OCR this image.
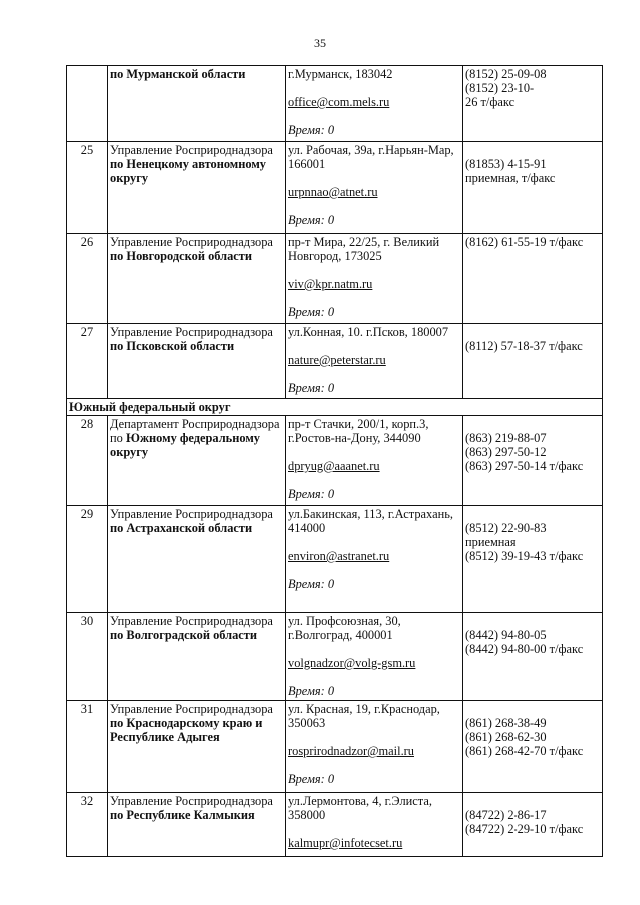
35
	по Мурманской области	г.Мурманск, 183042
office@com.mels.ru
Время: 0	(8152) 25-09-08
(8152) 23-10-
26 т/факс

25	Управление Росприроднадзора по Ненецкому автономному округу	ул. Рабочая, 39а, г.Нарьян-Мар, 166001
urpnnao@atnet.ru
Время: 0	(81853) 4-15-91
приемная, т/факс

26	Управление Росприроднадзора по Новгородской области	пр-т Мира, 22/25, г. Великий Новгород, 173025
viv@kpr.natm.ru
Время: 0	(8162) 61-55-19 т/факс

27	Управление Росприроднадзора по Псковской области	ул.Конная, 10. г.Псков, 180007
nature@peterstar.ru
Время: 0	(8112) 57-18-37 т/факс

Южный федеральный округ			
28	Департамент Росприроднадзора по Южному федеральному округу	пр-т Стачки, 200/1, корп.3, г.Ростов-на-Дону, 344090
dpryug@aaanet.ru
Время: 0	(863) 219-88-07
(863) 297-50-12
(863) 297-50-14 т/факс

29	Управление Росприроднадзора по Астраханской области	ул.Бакинская, 113, г.Астрахань, 414000
environ@astranet.ru
Время: 0	(8512) 22-90-83
приемная
(8512) 39-19-43 т/факс

30	Управление Росприроднадзора по Волгоградской области	ул. Профсоюзная, 30, г.Волгоград, 400001
volgnadzor@volg-gsm.ru
Время: 0	(8442) 94-80-05
(8442) 94-80-00 т/факс

31	Управление Росприроднадзора по Краснодарскому краю и Республике Адыгея	ул. Красная, 19, г.Краснодар, 350063
rosprirodnadzor@mail.ru
Время: 0	(861) 268-38-49
(861) 268-62-30
(861) 268-42-70 т/факс

32	Управление Росприроднадзора по Республике Калмыкия	ул.Лермонтова, 4, г.Элиста, 358000
kalmupr@infotecset.ru	(84722) 2-86-17
(84722) 2-29-10 т/факс
